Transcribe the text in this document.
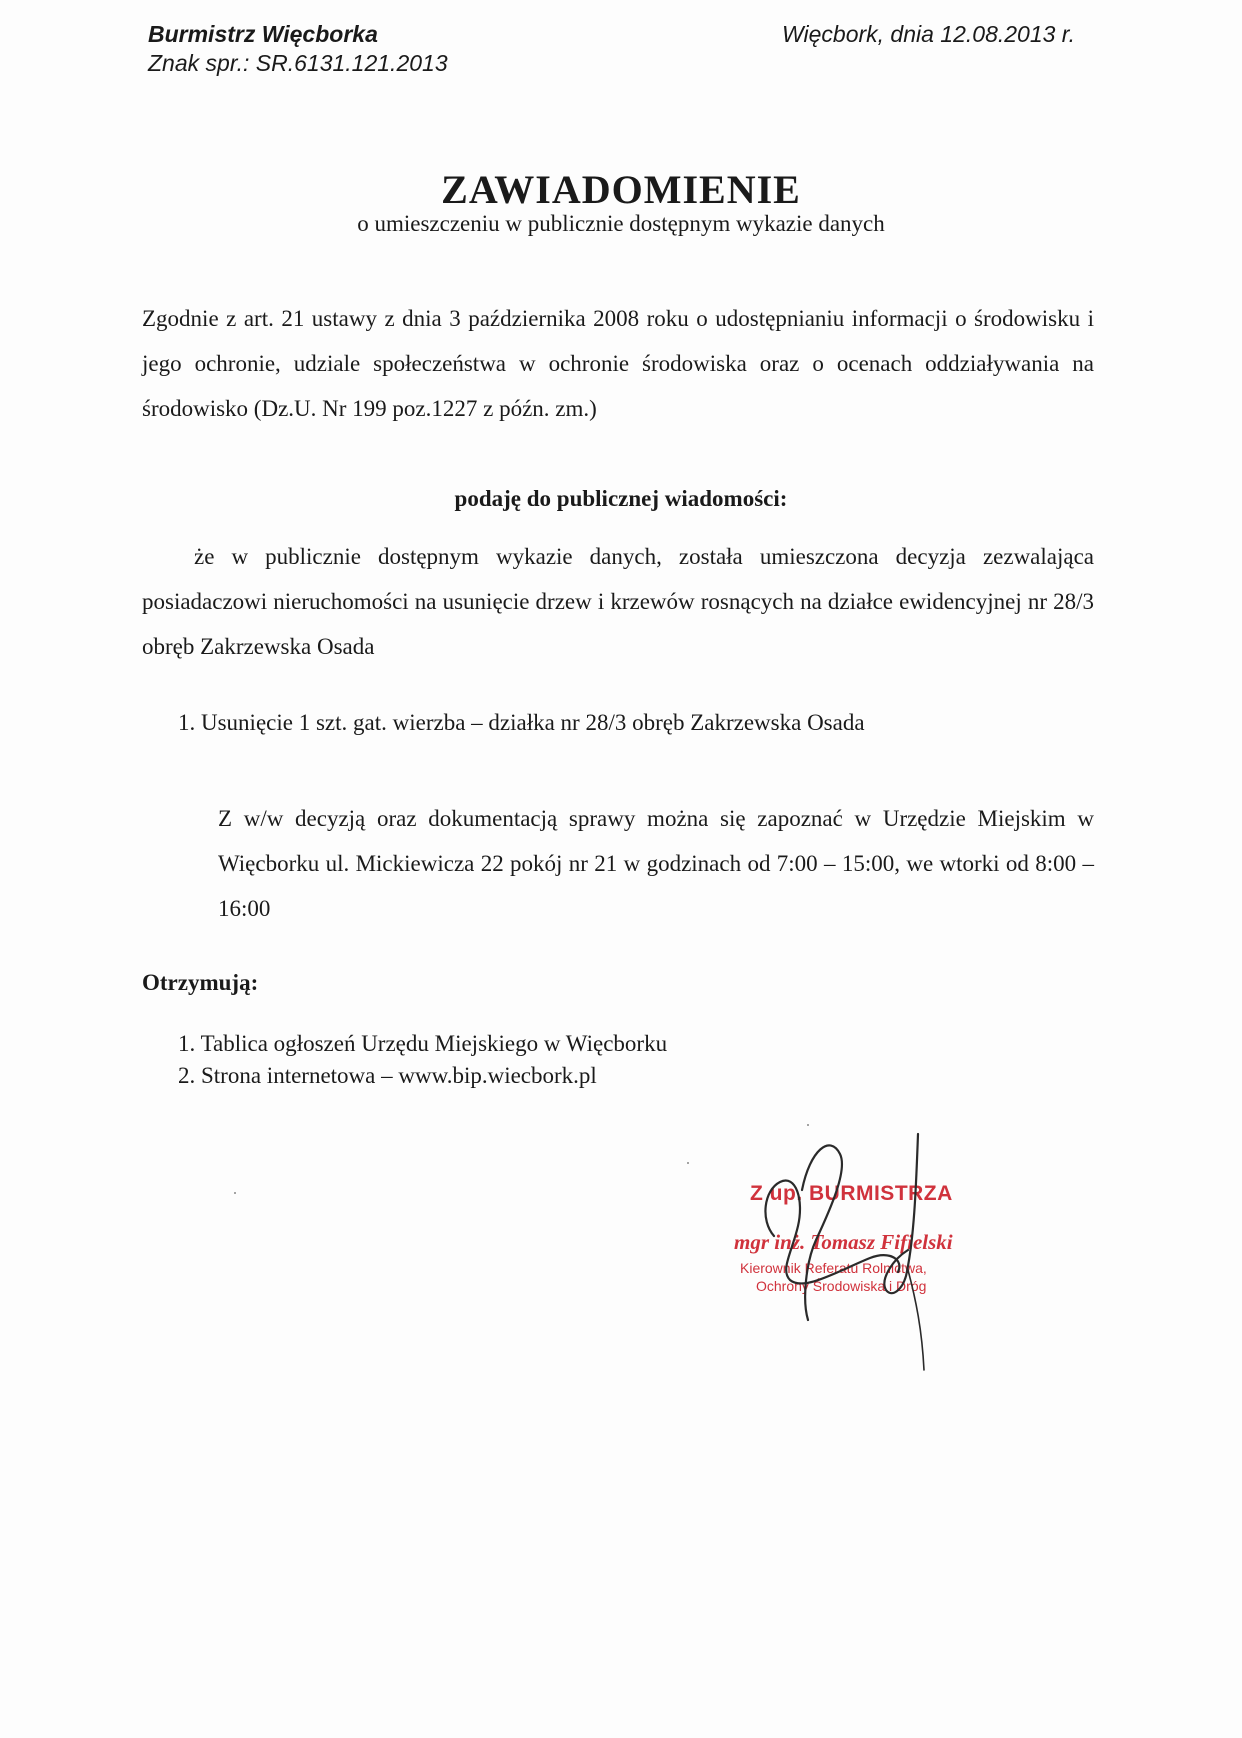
Burmistrz Więcborka
Znak spr.: SR.6131.121.2013
Więcbork, dnia 12.08.2013 r.
ZAWIADOMIENIE
o umieszczeniu w publicznie dostępnym wykazie danych
Zgodnie z art. 21 ustawy z dnia 3 października 2008 roku o udostępnianiu informacji o środowisku i jego ochronie, udziale społeczeństwa w ochronie środowiska oraz o ocenach oddziaływania na środowisko (Dz.U. Nr 199 poz.1227 z późn. zm.)
podaję do publicznej wiadomości:
że w publicznie dostępnym wykazie danych, została umieszczona decyzja zezwalająca posiadaczowi nieruchomości na usunięcie drzew i krzewów rosnących na działce ewidencyjnej nr 28/3 obręb Zakrzewska Osada
1. Usunięcie 1 szt. gat. wierzba – działka nr 28/3 obręb Zakrzewska Osada
Z w/w decyzją oraz dokumentacją sprawy można się zapoznać w Urzędzie Miejskim w Więcborku ul. Mickiewicza 22 pokój nr 21 w godzinach od 7:00 – 15:00, we wtorki od 8:00 – 16:00
Otrzymują:
1. Tablica ogłoszeń Urzędu Miejskiego w Więcborku
2. Strona internetowa – www.bip.wiecbork.pl
Z up. BURMISTRZA
mgr inż. Tomasz Fifielski
Kierownik Referatu Rolnictwa,
Ochrony Środowiska i Dróg
